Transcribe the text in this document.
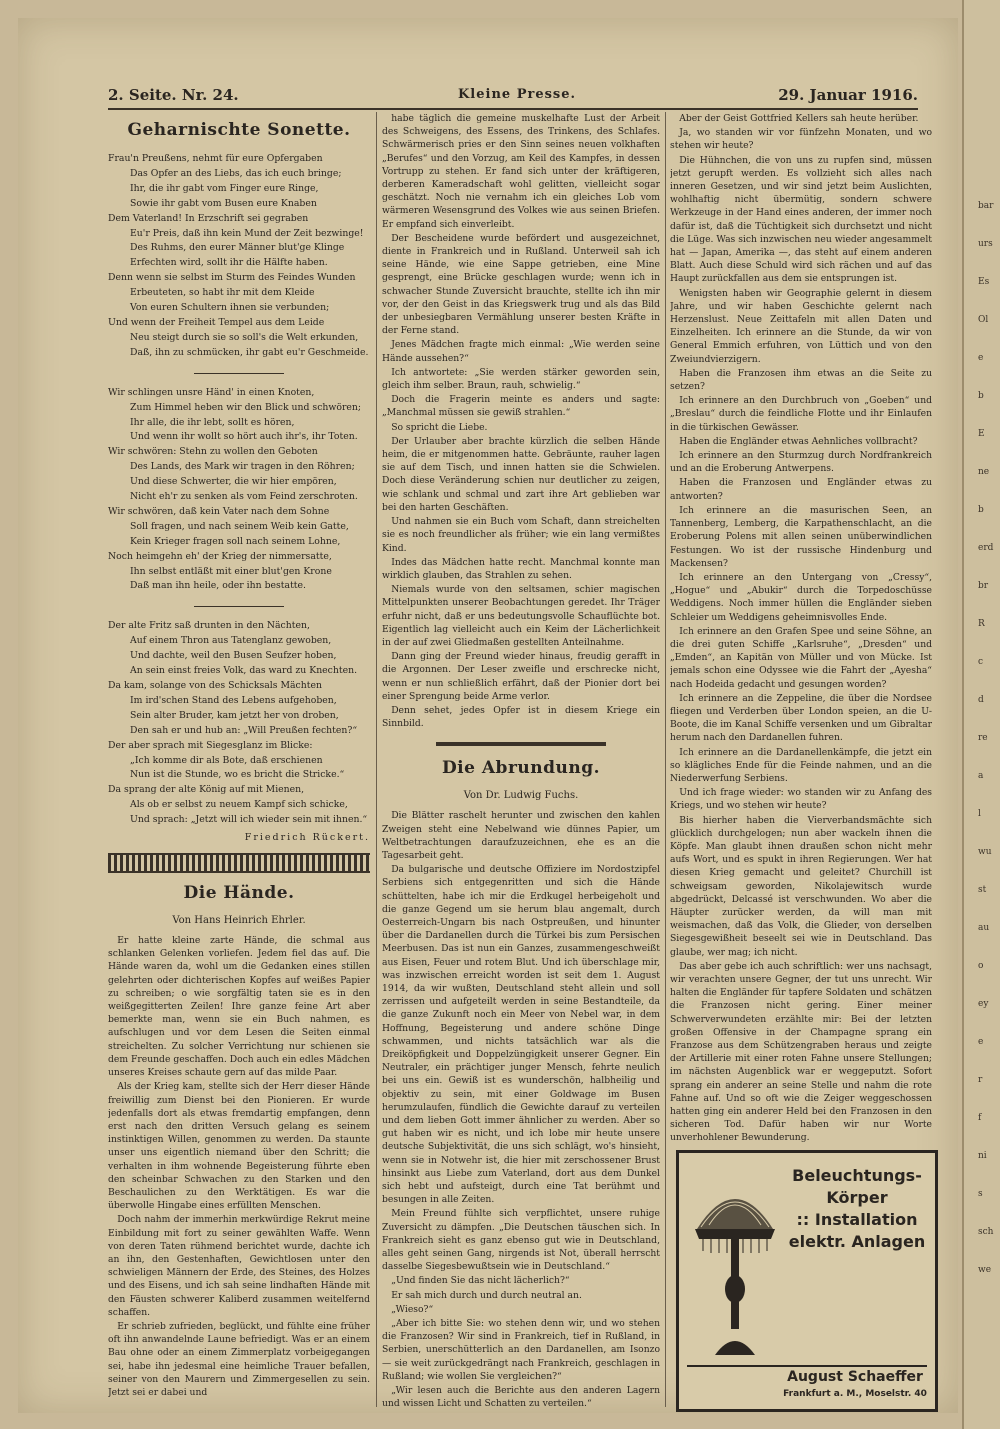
bar
urs
Es
Ol
e
b
E
ne
b
erd
br
R
c
d
re
a
l
wu
st
au
o
ey
e
r
f
ni
s
sch
we
2. Seite. Nr. 24.	Kleine Presse.	29. Januar 1916.
Geharnischte Sonette.
Frau'n Preußens, nehmt für eure Opfergaben
Das Opfer an des Liebs, das ich euch bringe;
Ihr, die ihr gabt vom Finger eure Ringe,
Sowie ihr gabt vom Busen eure Knaben
Dem Vaterland! In Erzschrift sei gegraben
Eu'r Preis, daß ihn kein Mund der Zeit bezwinge!
Des Ruhms, den eurer Männer blut'ge Klinge
Erfechten wird, sollt ihr die Hälfte haben.
Denn wenn sie selbst im Sturm des Feindes Wunden
Erbeuteten, so habt ihr mit dem Kleide
Von euren Schultern ihnen sie verbunden;
Und wenn der Freiheit Tempel aus dem Leide
Neu steigt durch sie so soll's die Welt erkunden,
Daß, ihn zu schmücken, ihr gabt eu'r Geschmeide.
Wir schlingen unsre Händ' in einen Knoten,
Zum Himmel heben wir den Blick und schwören;
Ihr alle, die ihr lebt, sollt es hören,
Und wenn ihr wollt so hört auch ihr's, ihr Toten.
Wir schwören: Stehn zu wollen den Geboten
Des Lands, des Mark wir tragen in den Röhren;
Und diese Schwerter, die wir hier empören,
Nicht eh'r zu senken als vom Feind zerschroten.
Wir schwören, daß kein Vater nach dem Sohne
Soll fragen, und nach seinem Weib kein Gatte,
Kein Krieger fragen soll nach seinem Lohne,
Noch heimgehn eh' der Krieg der nimmersatte,
Ihn selbst entläßt mit einer blut'gen Krone
Daß man ihn heile, oder ihn bestatte.
Der alte Fritz saß drunten in den Nächten,
Auf einem Thron aus Tatenglanz gewoben,
Und dachte, weil den Busen Seufzer hoben,
An sein einst freies Volk, das ward zu Knechten.
Da kam, solange von des Schicksals Mächten
Im ird'schen Stand des Lebens aufgehoben,
Sein alter Bruder, kam jetzt her von droben,
Den sah er und hub an: „Will Preußen fechten?“
Der aber sprach mit Siegesglanz im Blicke:
„Ich komme dir als Bote, daß erschienen
Nun ist die Stunde, wo es bricht die Stricke.“
Da sprang der alte König auf mit Mienen,
Als ob er selbst zu neuem Kampf sich schicke,
Und sprach: „Jetzt will ich wieder sein mit ihnen.“
Friedrich Rückert.
Die Hände.
Von Hans Heinrich Ehrler.

 Er hatte kleine zarte Hände, die schmal aus schlanken Gelenken vorliefen. Jedem fiel das auf. Die Hände waren da, wohl um die Gedanken eines stillen gelehrten oder dichterischen Kopfes auf weißes Papier zu schreiben; o wie sorgfältig taten sie es in den weißgegitterten Zeilen! Ihre ganze feine Art aber bemerkte man, wenn sie ein Buch nahmen, es aufschlugen und vor dem Lesen die Seiten einmal streichelten. Zu solcher Verrichtung nur schienen sie dem Freunde geschaffen. Doch auch ein edles Mädchen unseres Kreises schaute gern auf das milde Paar.

 Als der Krieg kam, stellte sich der Herr dieser Hände freiwillig zum Dienst bei den Pionieren. Er wurde jedenfalls dort als etwas fremdartig empfangen, denn erst nach den dritten Versuch gelang es seinem instinktigen Willen, genommen zu werden. Da staunte unser uns eigentlich niemand über den Schritt; die verhalten in ihm wohnende Begeisterung führte eben den scheinbar Schwachen zu den Starken und den Beschaulichen zu den Werktätigen. Es war die überwolle Hingabe eines erfüllten Menschen.

 Doch nahm der immerhin merkwürdige Rekrut meine Einbildung mit fort zu seiner gewählten Waffe. Wenn von deren Taten rühmend berichtet wurde, dachte ich an ihn, den Gestenhaften, Gewichtlosen unter den schwieligen Männern der Erde, des Steines, des Holzes und des Eisens, und ich sah seine lindhaften Hände mit den Fäusten schwerer Kaliberd zusammen weitelfernd schaffen.

 Er schrieb zufrieden, beglückt, und fühlte eine früher oft ihn anwandelnde Laune befriedigt. Was er an einem Bau ohne oder an einem Zimmerplatz vorbeigegangen sei, habe ihn jedesmal eine heimliche Trauer befallen, seiner von den Maurern und Zimmergesellen zu sein. Jetzt sei er dabei und

 habe täglich die gemeine muskelhafte Lust der Arbeit des Schweigens, des Essens, des Trinkens, des Schlafes. Schwärmerisch pries er den Sinn seines neuen volkhaften „Berufes“ und den Vorzug, am Keil des Kampfes, in dessen Vortrupp zu stehen. Er fand sich unter der kräftigeren, derberen Kameradschaft wohl gelitten, vielleicht sogar geschätzt. Noch nie vernahm ich ein gleiches Lob vom wärmeren Wesensgrund des Volkes wie aus seinen Briefen. Er empfand sich einverleibt.

 Der Bescheidene wurde befördert und ausgezeichnet, diente in Frankreich und in Rußland. Unterweil sah ich seine Hände, wie eine Sappe getrieben, eine Mine gesprengt, eine Brücke geschlagen wurde; wenn ich in schwacher Stunde Zuversicht brauchte, stellte ich ihn mir vor, der den Geist in das Kriegswerk trug und als das Bild der unbesiegbaren Vermählung unserer besten Kräfte in der Ferne stand.

 Jenes Mädchen fragte mich einmal: „Wie werden seine Hände aussehen?“

 Ich antwortete: „Sie werden stärker geworden sein, gleich ihm selber. Braun, rauh, schwielig.“

 Doch die Fragerin meinte es anders und sagte: „Manchmal müssen sie gewiß strahlen.“

 So spricht die Liebe.

 Der Urlauber aber brachte kürzlich die selben Hände heim, die er mitgenommen hatte. Gebräunte, rauher lagen sie auf dem Tisch, und innen hatten sie die Schwielen. Doch diese Veränderung schien nur deutlicher zu zeigen, wie schlank und schmal und zart ihre Art geblieben war bei den harten Geschäften.

 Und nahmen sie ein Buch vom Schaft, dann streichelten sie es noch freundlicher als früher; wie ein lang vermißtes Kind.

 Indes das Mädchen hatte recht. Manchmal konnte man wirklich glauben, das Strahlen zu sehen.

 Niemals wurde von den seltsamen, schier magischen Mittelpunkten unserer Beobachtungen geredet. Ihr Träger erfuhr nicht, daß er uns bedeutungsvolle Schauflüchte bot. Eigentlich lag vielleicht auch ein Keim der Lächerlichkeit in der auf zwei Gliedmaßen gestellten Anteilnahme.

 Dann ging der Freund wieder hinaus, freudig gerafft in die Argonnen. Der Leser zweifle und erschrecke nicht, wenn er nun schließlich erfährt, daß der Pionier dort bei einer Sprengung beide Arme verlor.

 Denn sehet, jedes Opfer ist in diesem Kriege ein Sinnbild.

Die Abrundung.
Von Dr. Ludwig Fuchs.

 Die Blätter raschelt herunter und zwischen den kahlen Zweigen steht eine Nebelwand wie dünnes Papier, um Weltbetrachtungen daraufzuzeichnen, ehe es an die Tagesarbeit geht.

 Da bulgarische und deutsche Offiziere im Nordostzipfel Serbiens sich entgegenritten und sich die Hände schüttelten, habe ich mir die Erdkugel herbeigeholt und die ganze Gegend um sie herum blau angemalt, durch Oesterreich-Ungarn bis nach Ostpreußen, und hinunter über die Dardanellen durch die Türkei bis zum Persischen Meerbusen. Das ist nun ein Ganzes, zusammengeschweißt aus Eisen, Feuer und rotem Blut. Und ich überschlage mir, was inzwischen erreicht worden ist seit dem 1. August 1914, da wir wußten, Deutschland steht allein und soll zerrissen und aufgeteilt werden in seine Bestandteile, da die ganze Zukunft noch ein Meer von Nebel war, in dem Hoffnung, Begeisterung und andere schöne Dinge schwammen, und nichts tatsächlich war als die Dreiköpfigkeit und Doppelzüngigkeit unserer Gegner. Ein Neutraler, ein prächtiger junger Mensch, fehrte neulich bei uns ein. Gewiß ist es wunderschön, halbheilig und objektiv zu sein, mit einer Goldwage im Busen herumzulaufen, fündlich die Gewichte darauf zu verteilen und dem lieben Gott immer ähnlicher zu werden. Aber so gut haben wir es nicht, und ich lobe mir heute unsere deutsche Subjektivität, die uns sich schlägt, wo's hinsieht, wenn sie in Notwehr ist, die hier mit zerschossener Brust hinsinkt aus Liebe zum Vaterland, dort aus dem Dunkel sich hebt und aufsteigt, durch eine Tat berühmt und besungen in alle Zeiten.

 Mein Freund fühlte sich verpflichtet, unsere ruhige Zuversicht zu dämpfen. „Die Deutschen täuschen sich. In Frankreich sieht es ganz ebenso gut wie in Deutschland, alles geht seinen Gang, nirgends ist Not, überall herrscht dasselbe Siegesbewußtsein wie in Deutschland.“

 „Und finden Sie das nicht lächerlich?“

 Er sah mich durch und durch neutral an.

 „Wieso?“

 „Aber ich bitte Sie: wo stehen denn wir, und wo stehen die Franzosen? Wir sind in Frankreich, tief in Rußland, in Serbien, unerschütterlich an den Dardanellen, am Isonzo — sie weit zurückgedrängt nach Frankreich, geschlagen in Rußland; wie wollen Sie vergleichen?“

 „Wir lesen auch die Berichte aus den anderen Lagern und wissen Licht und Schatten zu verteilen.“

 Aber der Geist Gottfried Kellers sah heute herüber.

 Ja, wo standen wir vor fünfzehn Monaten, und wo stehen wir heute?

 Die Hühnchen, die von uns zu rupfen sind, müssen jetzt gerupft werden. Es vollzieht sich alles nach inneren Gesetzen, und wir sind jetzt beim Auslichten, wohlhaftig nicht übermütig, sondern schwere Werkzeuge in der Hand eines anderen, der immer noch dafür ist, daß die Tüchtigkeit sich durchsetzt und nicht die Lüge. Was sich inzwischen neu wieder angesammelt hat — Japan, Amerika —, das steht auf einem anderen Blatt. Auch diese Schuld wird sich rächen und auf das Haupt zurückfallen aus dem sie entsprungen ist.

 Wenigsten haben wir Geographie gelernt in diesem Jahre, und wir haben Geschichte gelernt nach Herzenslust. Neue Zeittafeln mit allen Daten und Einzelheiten. Ich erinnere an die Stunde, da wir von General Emmich erfuhren, von Lüttich und von den Zweiundvierzigern.

 Haben die Franzosen ihm etwas an die Seite zu setzen?

 Ich erinnere an den Durchbruch von „Goeben“ und „Breslau“ durch die feindliche Flotte und ihr Einlaufen in die türkischen Gewässer.

 Haben die Engländer etwas Aehnliches vollbracht?

 Ich erinnere an den Sturmzug durch Nordfrankreich und an die Eroberung Antwerpens.

 Haben die Franzosen und Engländer etwas zu antworten?

 Ich erinnere an die masurischen Seen, an Tannenberg, Lemberg, die Karpathenschlacht, an die Eroberung Polens mit allen seinen unüberwindlichen Festungen. Wo ist der russische Hindenburg und Mackensen?

 Ich erinnere an den Untergang von „Cressy“, „Hogue“ und „Abukir“ durch die Torpedoschüsse Weddigens. Noch immer hüllen die Engländer sieben Schleier um Weddigens geheimnisvolles Ende.

 Ich erinnere an den Grafen Spee und seine Söhne, an die drei guten Schiffe „Karlsruhe“, „Dresden“ und „Emden“, an Kapitän von Müller und von Mücke. Ist jemals schon eine Odyssee wie die Fahrt der „Ayesha“ nach Hodeida gedacht und gesungen worden?

 Ich erinnere an die Zeppeline, die über die Nordsee fliegen und Verderben über London speien, an die U-Boote, die im Kanal Schiffe versenken und um Gibraltar herum nach den Dardanellen fuhren.

 Ich erinnere an die Dardanellenkämpfe, die jetzt ein so klägliches Ende für die Feinde nahmen, und an die Niederwerfung Serbiens.

 Und ich frage wieder: wo standen wir zu Anfang des Kriegs, und wo stehen wir heute?

 Bis hierher haben die Vierverbandsmächte sich glücklich durchgelogen; nun aber wackeln ihnen die Köpfe. Man glaubt ihnen draußen schon nicht mehr aufs Wort, und es spukt in ihren Regierungen. Wer hat diesen Krieg gemacht und geleitet? Churchill ist schweigsam geworden, Nikolajewitsch wurde abgedrückt, Delcassé ist verschwunden. Wo aber die Häupter zurücker werden, da will man mit weismachen, daß das Volk, die Glieder, von derselben Siegesgewißheit beseelt sei wie in Deutschland. Das glaube, wer mag; ich nicht.

 Das aber gebe ich auch schriftlich: wer uns nachsagt, wir verachten unsere Gegner, der tut uns unrecht. Wir halten die Engländer für tapfere Soldaten und schätzen die Franzosen nicht gering. Einer meiner Schwerverwundeten erzählte mir: Bei der letzten großen Offensive in der Champagne sprang ein Franzose aus dem Schützengraben heraus und zeigte der Artillerie mit einer roten Fahne unsere Stellungen; im nächsten Augenblick war er weggeputzt. Sofort sprang ein anderer an seine Stelle und nahm die rote Fahne auf. Und so oft wie die Zeiger weggeschossen hatten ging ein anderer Held bei den Franzosen in den sicheren Tod. Dafür haben wir nur Worte unverhohlener Bewunderung.

Beleuchtungs-
Körper
:: Installation
elektr. Anlagen
August Schaeffer
Frankfurt a. M., Moselstr. 40
